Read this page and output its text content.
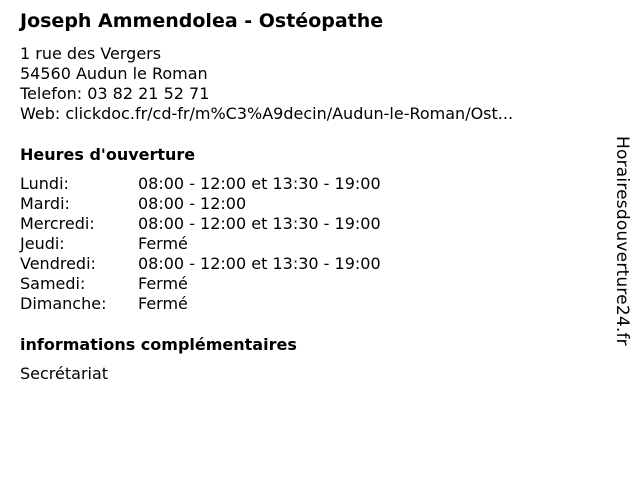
Joseph Ammendolea - Ostéopathe
1 rue des Vergers
54560 Audun le Roman
Telefon: 03 82 21 52 71
Web: clickdoc.fr/cd-fr/m%C3%A9decin/Audun-le-Roman/Ost...
Heures d'ouverture
Lundi:	08:00 - 12:00 et 13:30 - 19:00
Mardi:	08:00 - 12:00
Mercredi:	08:00 - 12:00 et 13:30 - 19:00
Jeudi:	Fermé
Vendredi:	08:00 - 12:00 et 13:30 - 19:00
Samedi:	Fermé
Dimanche:	Fermé
informations complémentaires
Secrétariat
Horairesdouverture24.fr
